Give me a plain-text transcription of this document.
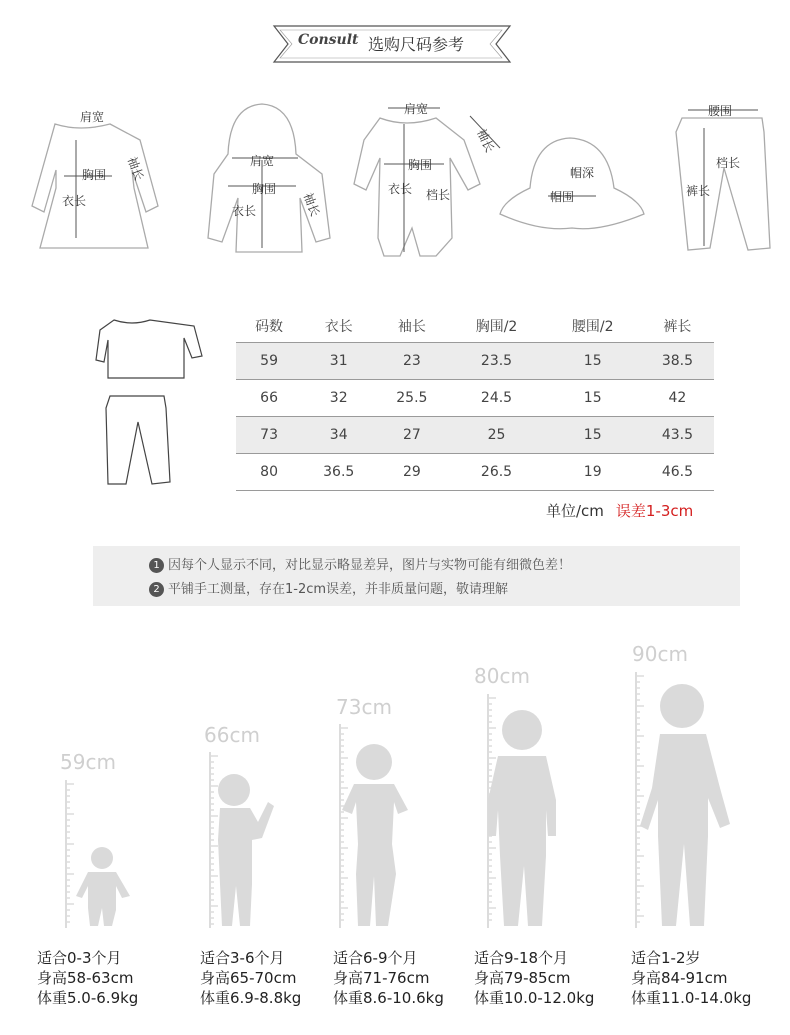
Consult 选购尺码参考
肩宽
胸围 袖长
衣长
肩宽
胸围
袖长
衣长
肩宽
胸围
袖长
衣长 档长
帽深
帽围
腰围
档长
裤长
码数	衣长	袖长	胸围/2	腰围/2	裤长
59	31	23	23.5	15	38.5
66	32	25.5	24.5	15	42
73	34	27	25	15	43.5
80	36.5	29	26.5	19	46.5
单位/cm 误差1-3cm
1 因每个人显示不同，对比显示略显差异，图片与实物可能有细微色差！
2 平铺手工测量，存在1-2cm误差，并非质量问题，敬请理解
59cm
66cm
73cm
80cm
90cm
适合0-3个月
身高58-63cm
体重5.0-6.9kg
适合3-6个月
身高65-70cm
体重6.9-8.8kg
适合6-9个月
身高71-76cm
体重8.6-10.6kg
适合9-18个月
身高79-85cm
体重10.0-12.0kg
适合1-2岁
身高84-91cm
体重11.0-14.0kg
